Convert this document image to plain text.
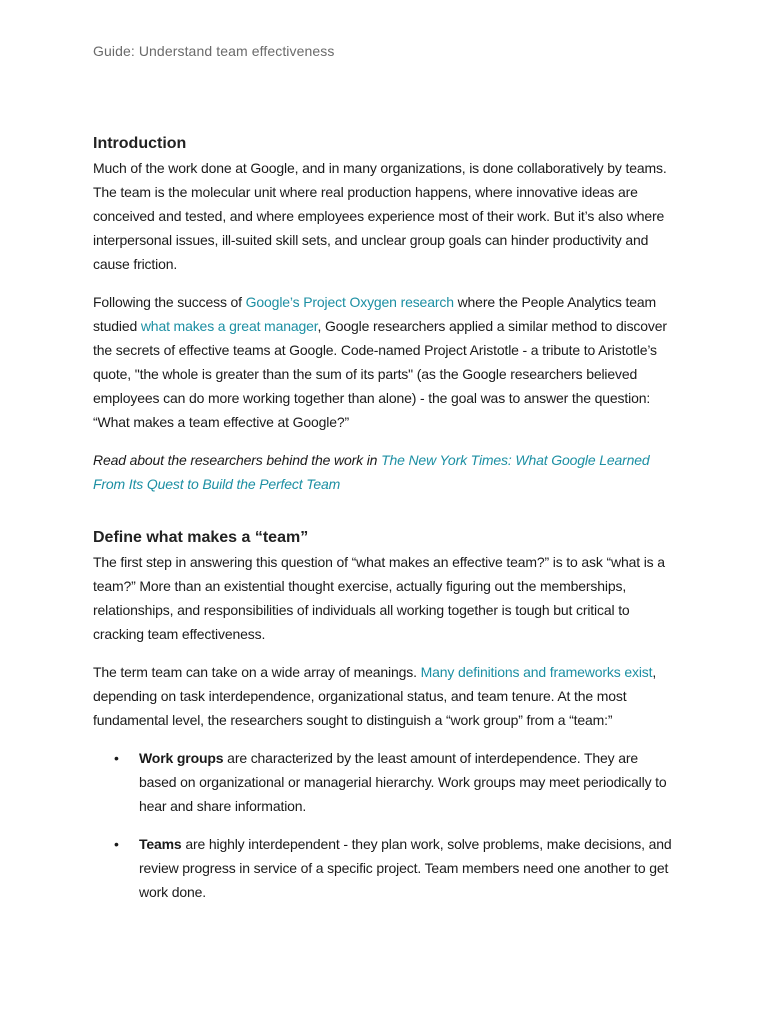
Guide: Understand team effectiveness
Introduction

Much of the work done at Google, and in many organizations, is done collaboratively by teams. The team is the molecular unit where real production happens, where innovative ideas are conceived and tested, and where employees experience most of their work. But it’s also where interpersonal issues, ill-suited skill sets, and unclear group goals can hinder productivity and cause friction.

Following the success of Google’s Project Oxygen research where the People Analytics team studied what makes a great manager, Google researchers applied a similar method to discover the secrets of effective teams at Google. Code-named Project Aristotle - a tribute to Aristotle’s quote, "the whole is greater than the sum of its parts" (as the Google researchers believed employees can do more working together than alone) - the goal was to answer the question: “What makes a team effective at Google?”

Read about the researchers behind the work in The New York Times: What Google Learned From Its Quest to Build the Perfect Team

Define what makes a “team”

The first step in answering this question of “what makes an effective team?” is to ask “what is a team?” More than an existential thought exercise, actually figuring out the memberships, relationships, and responsibilities of individuals all working together is tough but critical to cracking team effectiveness.

The term team can take on a wide array of meanings. Many definitions and frameworks exist, depending on task interdependence, organizational status, and team tenure. At the most fundamental level, the researchers sought to distinguish a “work group” from a “team:”

• Work groups are characterized by the least amount of interdependence. They are based on organizational or managerial hierarchy. Work groups may meet periodically to hear and share information.
• Teams are highly interdependent - they plan work, solve problems, make decisions, and review progress in service of a specific project. Team members need one another to get work done.
